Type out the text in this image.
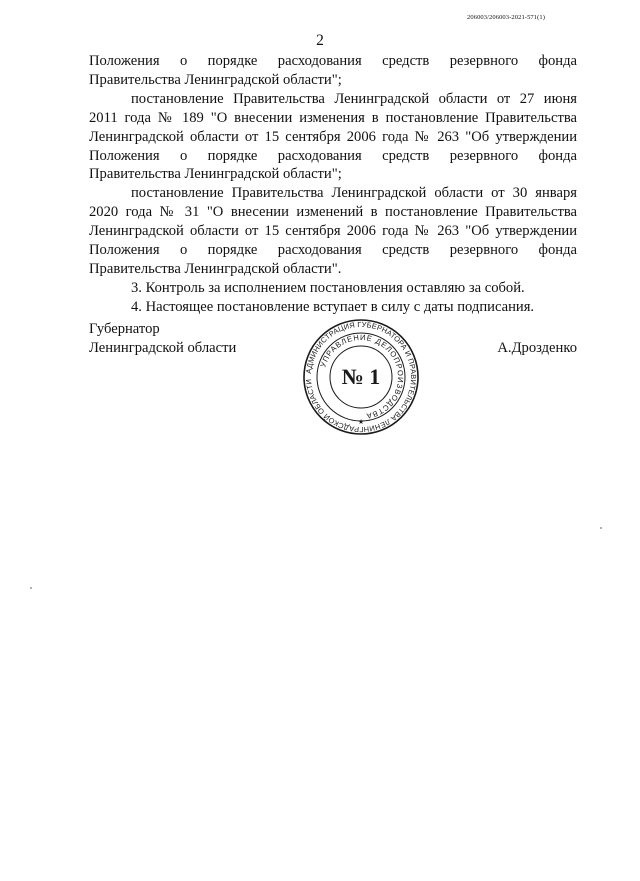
206003/206003-2021-571(1)
2

Положения о порядке расходования средств резервного фонда
Правительства Ленинградской области";

постановление Правительства Ленинградской области от 27 июня
2011 года № 189 "О внесении изменения в постановление Правительства
Ленинградской области от 15 сентября 2006 года № 263 "Об утверждении
Положения о порядке расходования средств резервного фонда
Правительства Ленинградской области";

постановление Правительства Ленинградской области от 30 января
2020 года № 31 "О внесении изменений в постановление Правительства
Ленинградской области от 15 сентября 2006 года № 263 "Об утверждении
Положения о порядке расходования средств резервного фонда
Правительства Ленинградской области".

3. Контроль за исполнением постановления оставляю за собой.

4. Настоящее постановление вступает в силу с даты подписания.

Губернатор
Ленинградской области	А.Дрозденко
АДМИНИСТРАЦИЯ ГУБЕРНАТОРА И ПРАВИТЕЛЬСТВА ЛЕНИНГРАДСКОЙ ОБЛАСТИ
УПРАВЛЕНИЕ ДЕЛОПРОИЗВОДСТВА
№ 1
★
